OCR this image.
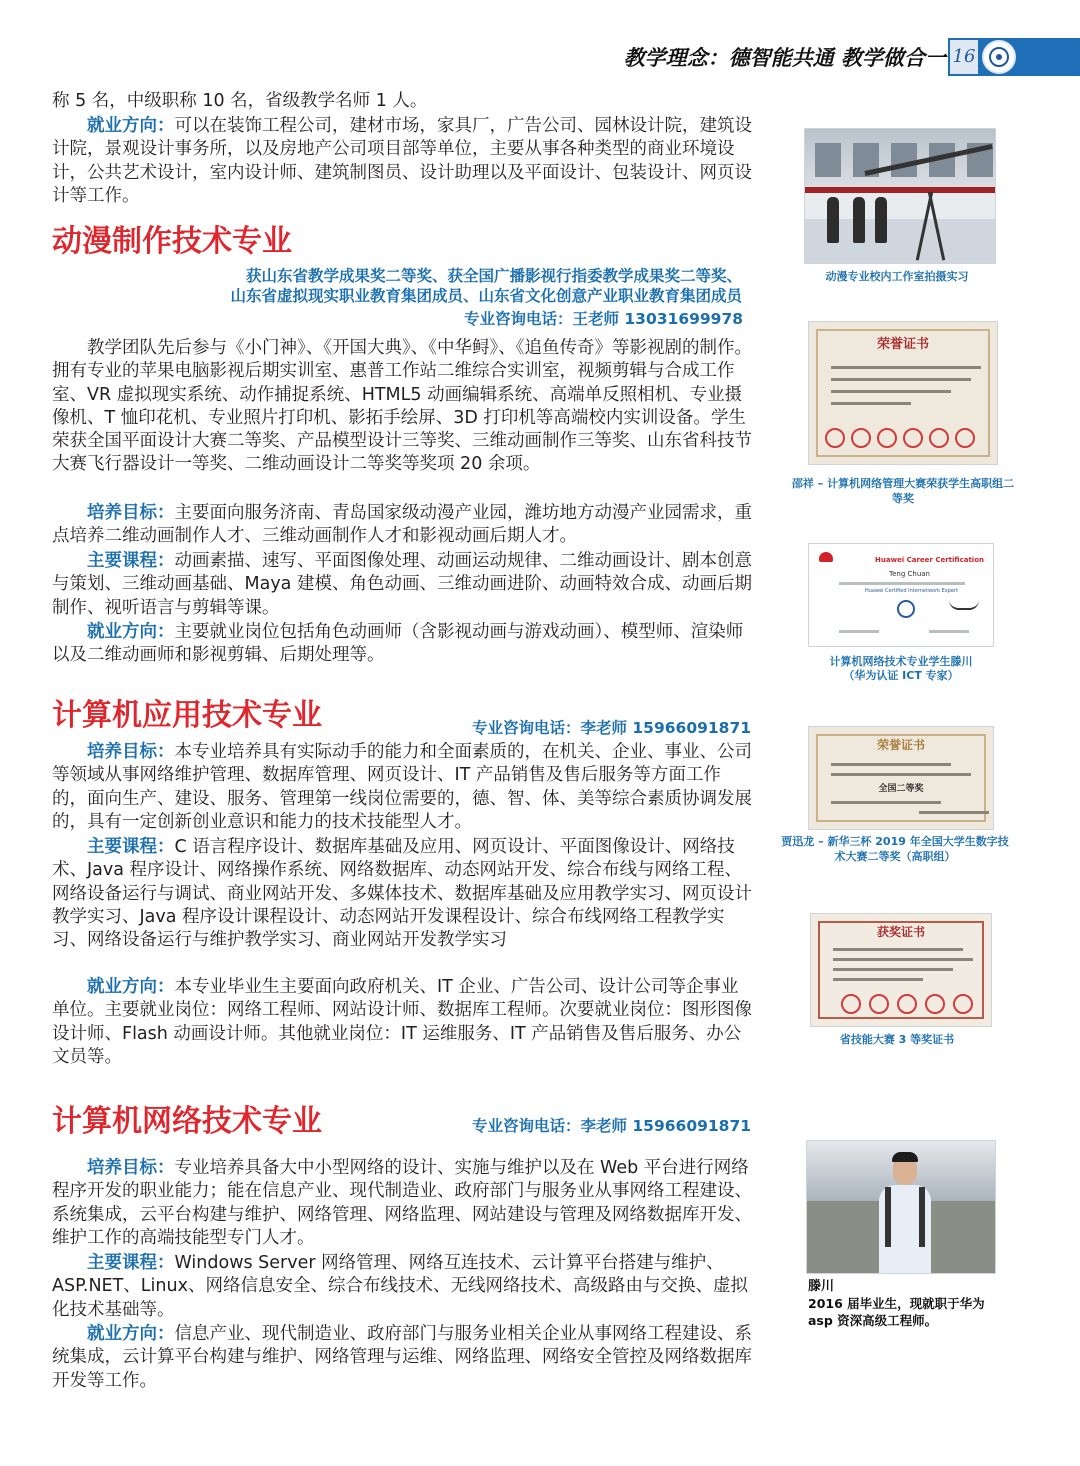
教学理念：德智能共通 教学做合一 16

称 5 名，中级职称 10 名，省级教学名师 1 人。

就业方向：可以在装饰工程公司，建材市场，家具厂，广告公司、园林设计院，建筑设计院，景观设计事务所，以及房地产公司项目部等单位，主要从事各种类型的商业环境设计，公共艺术设计，室内设计师、建筑制图员、设计助理以及平面设计、包装设计、网页设计等工作。

动漫制作技术专业

获山东省教学成果奖二等奖、获全国广播影视行指委教学成果奖二等奖、

山东省虚拟现实职业教育集团成员、山东省文化创意产业职业教育集团成员

专业咨询电话：王老师 13031699978

教学团队先后参与《小门神》、《开国大典》、《中华鲟》、《追鱼传奇》等影视剧的制作。拥有专业的苹果电脑影视后期实训室、惠普工作站二维综合实训室，视频剪辑与合成工作室、VR 虚拟现实系统、动作捕捉系统、HTML5 动画编辑系统、高端单反照相机、专业摄像机、T 恤印花机、专业照片打印机、影拓手绘屏、3D 打印机等高端校内实训设备。学生荣获全国平面设计大赛二等奖、产品模型设计三等奖、三维动画制作三等奖、山东省科技节大赛飞行器设计一等奖、二维动画设计二等奖等奖项 20 余项。

培养目标：主要面向服务济南、青岛国家级动漫产业园，潍坊地方动漫产业园需求，重点培养二维动画制作人才、三维动画制作人才和影视动画后期人才。

主要课程：动画素描、速写、平面图像处理、动画运动规律、二维动画设计、剧本创意与策划、三维动画基础、Maya 建模、角色动画、三维动画进阶、动画特效合成、动画后期制作、视听语言与剪辑等课。

就业方向：主要就业岗位包括角色动画师（含影视动画与游戏动画）、模型师、渲染师以及二维动画师和影视剪辑、后期处理等。

计算机应用技术专业	专业咨询电话：李老师 15966091871

培养目标：本专业培养具有实际动手的能力和全面素质的，在机关、企业、事业、公司等领域从事网络维护管理、数据库管理、网页设计、IT 产品销售及售后服务等方面工作的，面向生产、建设、服务、管理第一线岗位需要的，德、智、体、美等综合素质协调发展的，具有一定创新创业意识和能力的技术技能型人才。

主要课程：C 语言程序设计、数据库基础及应用、网页设计、平面图像设计、网络技术、Java 程序设计、网络操作系统、网络数据库、动态网站开发、综合布线与网络工程、网络设备运行与调试、商业网站开发、多媒体技术、数据库基础及应用教学实习、网页设计教学实习、Java 程序设计课程设计、动态网站开发课程设计、综合布线网络工程教学实习、网络设备运行与维护教学实习、商业网站开发教学实习

就业方向：本专业毕业生主要面向政府机关、IT 企业、广告公司、设计公司等企事业单位。主要就业岗位：网络工程师、网站设计师、数据库工程师。次要就业岗位：图形图像设计师、Flash 动画设计师。其他就业岗位：IT 运维服务、IT 产品销售及售后服务、办公文员等。

计算机网络技术专业	专业咨询电话：李老师 15966091871

培养目标：专业培养具备大中小型网络的设计、实施与维护以及在 Web 平台进行网络程序开发的职业能力；能在信息产业、现代制造业、政府部门与服务业从事网络工程建设、系统集成，云平台构建与维护、网络管理、网络监理、网站建设与管理及网络数据库开发、维护工作的高端技能型专门人才。

主要课程：Windows Server 网络管理、网络互连技术、云计算平台搭建与维护、ASP.NET、Linux、网络信息安全、综合布线技术、无线网络技术、高级路由与交换、虚拟化技术基础等。

就业方向：信息产业、现代制造业、政府部门与服务业相关企业从事网络工程建设、系统集成，云计算平台构建与维护、网络管理与运维、网络监理、网络安全管控及网络数据库开发等工作。

动漫专业校内工作室拍摄实习

荣誉证书

邵祥 – 计算机网络管理大赛荣获学生高职组二等奖

Huawei Career Certification
Teng Chuan
Huawei Certified Internetwork Expert

计算机网络技术专业学生滕川

（华为认证 ICT 专家）

荣誉证书
全国二等奖

贾迅龙 – 新华三杯 2019 年全国大学生数字技术大赛二等奖（高职组）

获奖证书

省技能大赛 3 等奖证书

滕川

2016 届毕业生，现就职于华为 asp 资深高级工程师。
